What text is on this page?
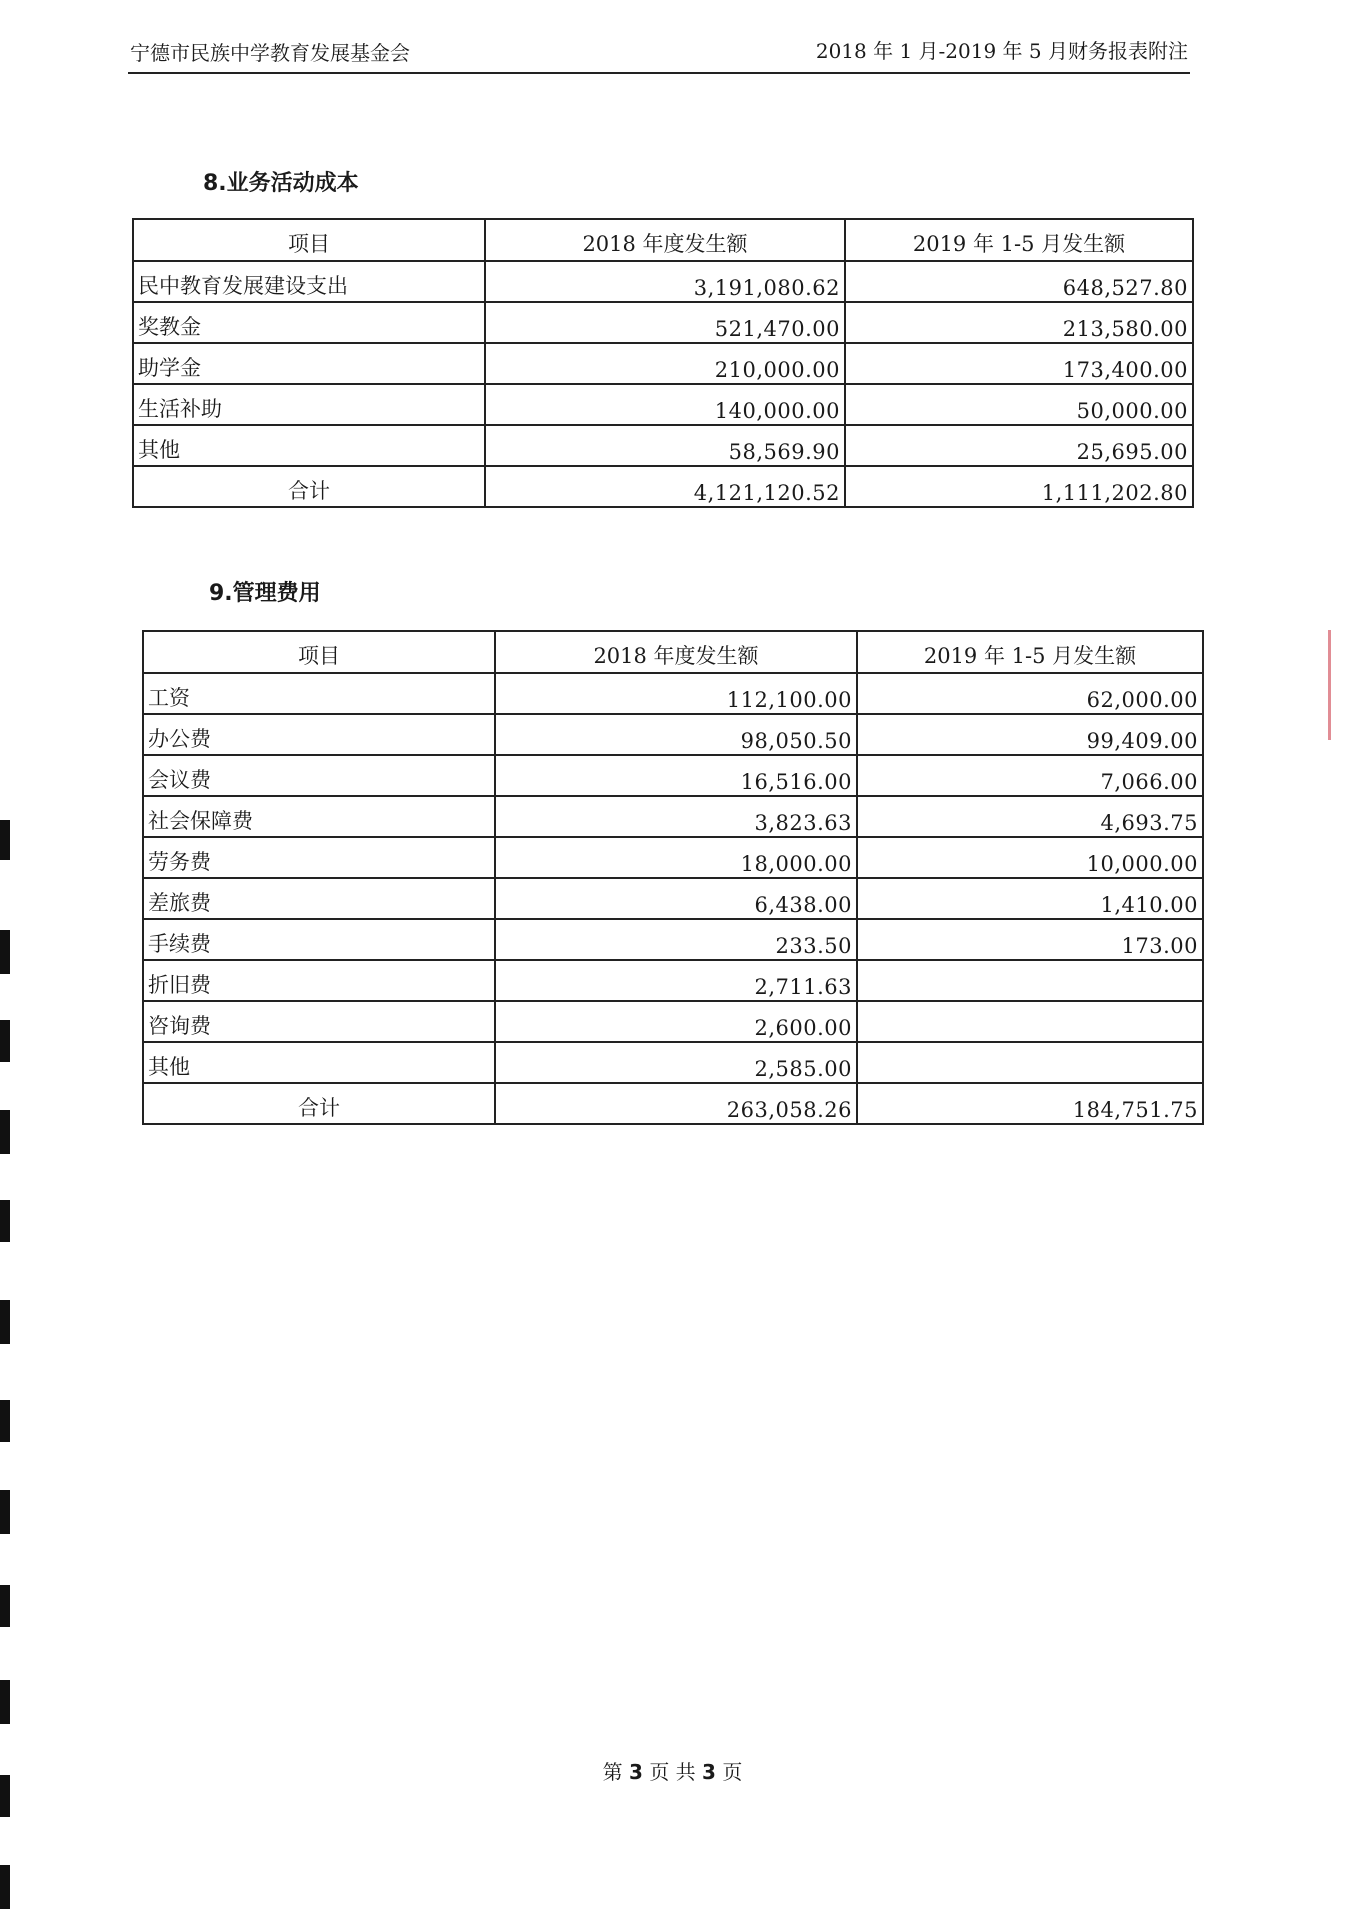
宁德市民族中学教育发展基金会	2018 年 1 月-2019 年 5 月财务报表附注
8.业务活动成本
项目	2018 年度发生额	2019 年 1-5 月发生额
民中教育发展建设支出	3,191,080.62	648,527.80
奖教金	521,470.00	213,580.00
助学金	210,000.00	173,400.00
生活补助	140,000.00	50,000.00
其他	58,569.90	25,695.00
合计	4,121,120.52	1,111,202.80
9.管理费用
项目	2018 年度发生额	2019 年 1-5 月发生额
工资	112,100.00	62,000.00
办公费	98,050.50	99,409.00
会议费	16,516.00	7,066.00
社会保障费	3,823.63	4,693.75
劳务费	18,000.00	10,000.00
差旅费	6,438.00	1,410.00
手续费	233.50	173.00
折旧费	2,711.63	
咨询费	2,600.00	
其他	2,585.00	
合计	263,058.26	184,751.75
第 3 页 共 3 页
